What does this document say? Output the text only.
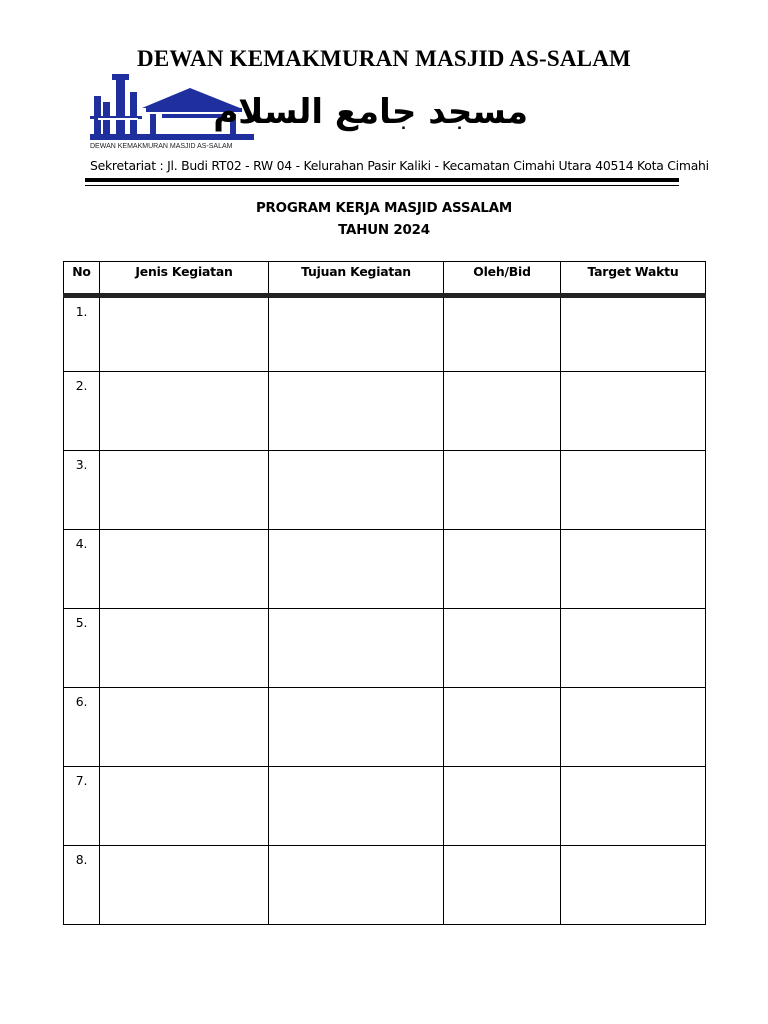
DEWAN KEMAKMURAN MASJID AS-SALAM
DEWAN KEMAKMURAN MASJID AS-SALAM
مسجد جامع السلام
Sekretariat : Jl. Budi RT02 - RW 04 - Kelurahan Pasir Kaliki - Kecamatan Cimahi Utara 40514 Kota Cimahi
PROGRAM KERJA MASJID ASSALAM
TAHUN 2024
No	Jenis Kegiatan	Tujuan Kegiatan	Oleh/Bid	Target Waktu
1.				
2.				
3.				
4.				
5.				
6.				
7.				
8.				
